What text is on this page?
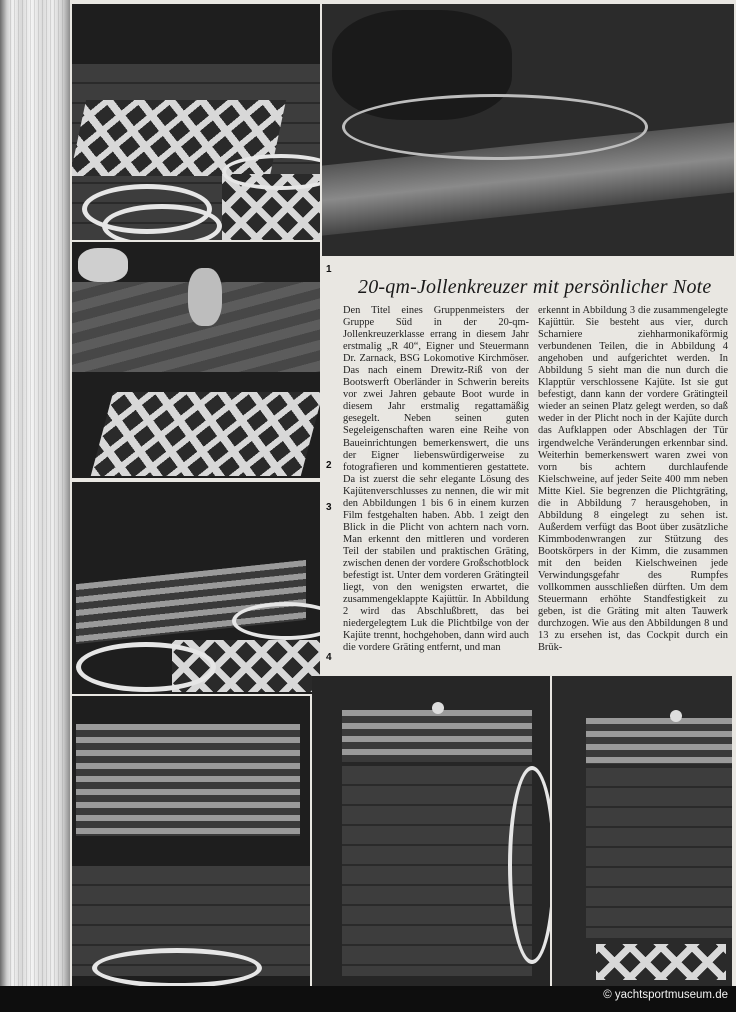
20-qm-Jollenkreuzer mit persönlicher Note
Den Titel eines Gruppenmeisters der Gruppe Süd in der 20-qm-Jollenkreuzerklasse errang in diesem Jahr erstmalig „R 40“, Eigner und Steuermann Dr. Zarnack, BSG Lokomotive Kirchmöser. Das nach einem Drewitz-Riß von der Bootswerft Oberländer in Schwerin bereits vor zwei Jahren gebaute Boot wurde in diesem Jahr erstmalig regattamäßig gesegelt. Neben seinen guten Segeleigenschaften waren eine Reihe von Baueinrichtungen bemerkenswert, die uns der Eigner liebenswürdigerweise zu fotografieren und kommentieren gestattete. Da ist zuerst die sehr elegante Lösung des Kajütenverschlusses zu nennen, die wir mit den Abbildungen 1 bis 6 in einem kurzen Film festgehalten haben. Abb. 1 zeigt den Blick in die Plicht von achtern nach vorn. Man erkennt den mittleren und vorderen Teil der stabilen und praktischen Gräting, zwischen denen der vordere Großschotblock befestigt ist. Unter dem vorderen Grätingteil liegt, von den wenigsten erwartet, die zusammengeklappte Kajüttür. In Abbildung 2 wird das Abschlußbrett, das bei niedergelegtem Luk die Plichtbilge von der Kajüte trennt, hochgehoben, dann wird auch die vordere Gräting entfernt, und man
erkennt in Abbildung 3 die zusammengelegte Kajüttür. Sie besteht aus vier, durch Scharniere ziehharmonikaförmig verbundenen Teilen, die in Abbildung 4 angehoben und aufgerichtet werden. In Abbildung 5 sieht man die nun durch die Klapptür verschlossene Kajüte. Ist sie gut befestigt, dann kann der vordere Grätingteil wieder an seinen Platz gelegt werden, so daß weder in der Plicht noch in der Kajüte durch das Aufklappen oder Abschlagen der Tür irgendwelche Veränderungen erkennbar sind. Weiterhin bemerkenswert waren zwei von vorn bis achtern durchlaufende Kielschweine, auf jeder Seite 400 mm neben Mitte Kiel. Sie begrenzen die Plichtgräting, die in Abbildung 7 herausgehoben, in Abbildung 8 eingelegt zu sehen ist. Außerdem verfügt das Boot über zusätzliche Kimmbodenwrangen zur Stützung des Bootskörpers in der Kimm, die zusammen mit den beiden Kielschweinen jede Verwindungsgefahr des Rumpfes vollkommen ausschließen dürften. Um dem Steuermann erhöhte Standfestigkeit zu geben, ist die Gräting mit alten Tauwerk durchzogen. Wie aus den Abbildungen 8 und 13 zu ersehen ist, das Cockpit durch ein Brük-
1
2
3
4
© yachtsportmuseum.de
